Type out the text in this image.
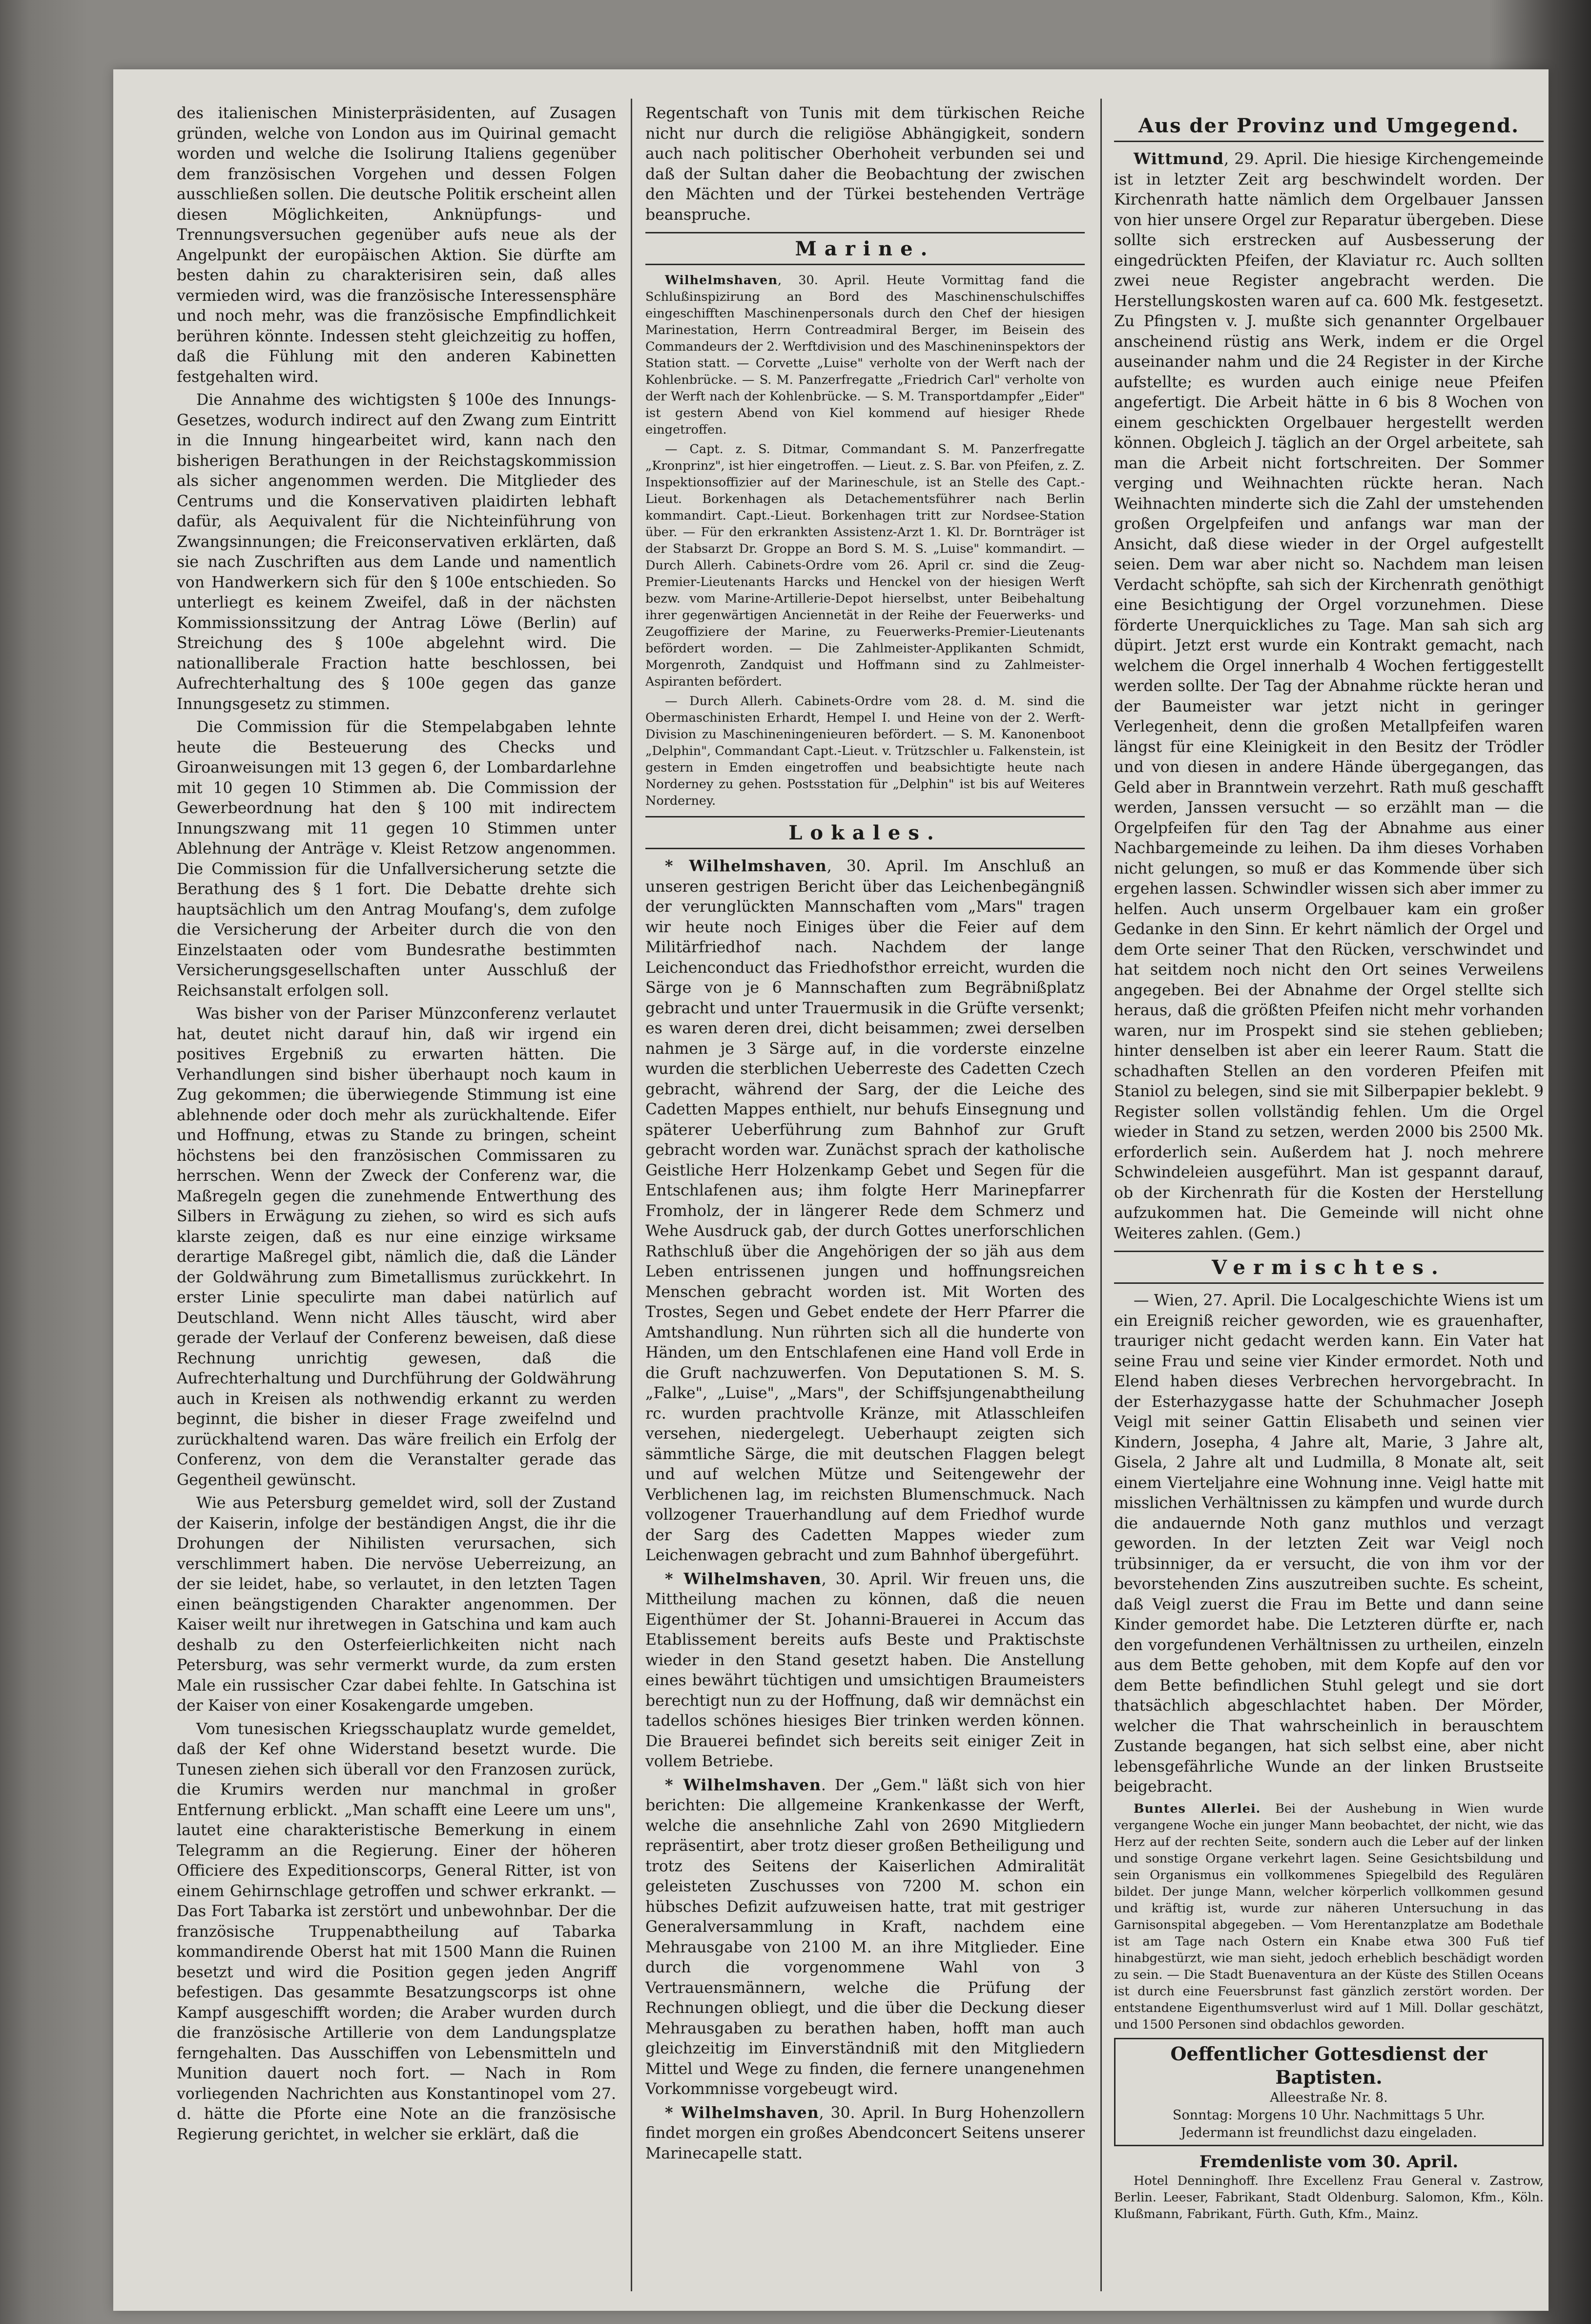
des italienischen Ministerpräsidenten, auf Zusagen gründen, welche von London aus im Quirinal gemacht worden und welche die Isolirung Italiens gegenüber dem französischen Vorgehen und dessen Folgen ausschließen sollen. Die deutsche Politik erscheint allen diesen Möglichkeiten, Anknüpfungs- und Trennungsversuchen gegenüber aufs neue als der Angelpunkt der europäischen Aktion. Sie dürfte am besten dahin zu charakterisiren sein, daß alles vermieden wird, was die französische Interessensphäre und noch mehr, was die französische Empfindlichkeit berühren könnte. Indessen steht gleichzeitig zu hoffen, daß die Fühlung mit den anderen Kabinetten festgehalten wird.

Die Annahme des wichtigsten § 100e des Innungs-Gesetzes, wodurch indirect auf den Zwang zum Eintritt in die Innung hingearbeitet wird, kann nach den bisherigen Berathungen in der Reichstagskommission als sicher angenommen werden. Die Mitglieder des Centrums und die Konservativen plaidirten lebhaft dafür, als Aequivalent für die Nichteinführung von Zwangsinnungen; die Freiconservativen erklärten, daß sie nach Zuschriften aus dem Lande und namentlich von Handwerkern sich für den § 100e entschieden. So unterliegt es keinem Zweifel, daß in der nächsten Kommissionssitzung der Antrag Löwe (Berlin) auf Streichung des § 100e abgelehnt wird. Die nationalliberale Fraction hatte beschlossen, bei Aufrechterhaltung des § 100e gegen das ganze Innungsgesetz zu stimmen.

Die Commission für die Stempelabgaben lehnte heute die Besteuerung des Checks und Giroanweisungen mit 13 gegen 6, der Lombardarlehne mit 10 gegen 10 Stimmen ab. Die Commission der Gewerbeordnung hat den § 100 mit indirectem Innungszwang mit 11 gegen 10 Stimmen unter Ablehnung der Anträge v. Kleist Retzow angenommen. Die Commission für die Unfallversicherung setzte die Berathung des § 1 fort. Die Debatte drehte sich hauptsächlich um den Antrag Moufang's, dem zufolge die Versicherung der Arbeiter durch die von den Einzelstaaten oder vom Bundesrathe bestimmten Versicherungsgesellschaften unter Ausschluß der Reichsanstalt erfolgen soll.

Was bisher von der Pariser Münzconferenz verlautet hat, deutet nicht darauf hin, daß wir irgend ein positives Ergebniß zu erwarten hätten. Die Verhandlungen sind bisher überhaupt noch kaum in Zug gekommen; die überwiegende Stimmung ist eine ablehnende oder doch mehr als zurückhaltende. Eifer und Hoffnung, etwas zu Stande zu bringen, scheint höchstens bei den französischen Commissaren zu herrschen. Wenn der Zweck der Conferenz war, die Maßregeln gegen die zunehmende Entwerthung des Silbers in Erwägung zu ziehen, so wird es sich aufs klarste zeigen, daß es nur eine einzige wirksame derartige Maßregel gibt, nämlich die, daß die Länder der Goldwährung zum Bimetallismus zurückkehrt. In erster Linie speculirte man dabei natürlich auf Deutschland. Wenn nicht Alles täuscht, wird aber gerade der Verlauf der Conferenz beweisen, daß diese Rechnung unrichtig gewesen, daß die Aufrechterhaltung und Durchführung der Goldwährung auch in Kreisen als nothwendig erkannt zu werden beginnt, die bisher in dieser Frage zweifelnd und zurückhaltend waren. Das wäre freilich ein Erfolg der Conferenz, von dem die Veranstalter gerade das Gegentheil gewünscht.

Wie aus Petersburg gemeldet wird, soll der Zustand der Kaiserin, infolge der beständigen Angst, die ihr die Drohungen der Nihilisten verursachen, sich verschlimmert haben. Die nervöse Ueberreizung, an der sie leidet, habe, so verlautet, in den letzten Tagen einen beängstigenden Charakter angenommen. Der Kaiser weilt nur ihretwegen in Gatschina und kam auch deshalb zu den Osterfeierlichkeiten nicht nach Petersburg, was sehr vermerkt wurde, da zum ersten Male ein russischer Czar dabei fehlte. In Gatschina ist der Kaiser von einer Kosakengarde umgeben.

Vom tunesischen Kriegsschauplatz wurde gemeldet, daß der Kef ohne Widerstand besetzt wurde. Die Tunesen ziehen sich überall vor den Franzosen zurück, die Krumirs werden nur manchmal in großer Entfernung erblickt. „Man schafft eine Leere um uns", lautet eine charakteristische Bemerkung in einem Telegramm an die Regierung. Einer der höheren Officiere des Expeditionscorps, General Ritter, ist von einem Gehirnschlage getroffen und schwer erkrankt. — Das Fort Tabarka ist zerstört und unbewohnbar. Der die französische Truppenabtheilung auf Tabarka kommandirende Oberst hat mit 1500 Mann die Ruinen besetzt und wird die Position gegen jeden Angriff befestigen. Das gesammte Besatzungscorps ist ohne Kampf ausgeschifft worden; die Araber wurden durch die französische Artillerie von dem Landungsplatze ferngehalten. Das Ausschiffen von Lebensmitteln und Munition dauert noch fort. — Nach in Rom vorliegenden Nachrichten aus Konstantinopel vom 27. d. hätte die Pforte eine Note an die französische Regierung gerichtet, in welcher sie erklärt, daß die

Regentschaft von Tunis mit dem türkischen Reiche nicht nur durch die religiöse Abhängigkeit, sondern auch nach politischer Oberhoheit verbunden sei und daß der Sultan daher die Beobachtung der zwischen den Mächten und der Türkei bestehenden Verträge beanspruche.

Marine.

Wilhelmshaven, 30. April. Heute Vormittag fand die Schlußinspizirung an Bord des Maschinenschulschiffes eingeschifften Maschinenpersonals durch den Chef der hiesigen Marinestation, Herrn Contreadmiral Berger, im Beisein des Commandeurs der 2. Werftdivision und des Maschineninspektors der Station statt. — Corvette „Luise" verholte von der Werft nach der Kohlenbrücke. — S. M. Panzerfregatte „Friedrich Carl" verholte von der Werft nach der Kohlenbrücke. — S. M. Transportdampfer „Eider" ist gestern Abend von Kiel kommend auf hiesiger Rhede eingetroffen.

— Capt. z. S. Ditmar, Commandant S. M. Panzerfregatte „Kronprinz", ist hier eingetroffen. — Lieut. z. S. Bar. von Pfeifen, z. Z. Inspektionsoffizier auf der Marineschule, ist an Stelle des Capt.-Lieut. Borkenhagen als Detachementsführer nach Berlin kommandirt. Capt.-Lieut. Borkenhagen tritt zur Nordsee-Station über. — Für den erkrankten Assistenz-Arzt 1. Kl. Dr. Bornträger ist der Stabsarzt Dr. Groppe an Bord S. M. S. „Luise" kommandirt. — Durch Allerh. Cabinets-Ordre vom 26. April cr. sind die Zeug-Premier-Lieutenants Harcks und Henckel von der hiesigen Werft bezw. vom Marine-Artillerie-Depot hierselbst, unter Beibehaltung ihrer gegenwärtigen Anciennetät in der Reihe der Feuerwerks- und Zeugoffiziere der Marine, zu Feuerwerks-Premier-Lieutenants befördert worden. — Die Zahlmeister-Applikanten Schmidt, Morgenroth, Zandquist und Hoffmann sind zu Zahlmeister-Aspiranten befördert.

— Durch Allerh. Cabinets-Ordre vom 28. d. M. sind die Obermaschinisten Erhardt, Hempel I. und Heine von der 2. Werft-Division zu Maschineningenieuren befördert. — S. M. Kanonenboot „Delphin", Commandant Capt.-Lieut. v. Trützschler u. Falkenstein, ist gestern in Emden eingetroffen und beabsichtigte heute nach Norderney zu gehen. Postsstation für „Delphin" ist bis auf Weiteres Norderney.

Lokales.

* Wilhelmshaven, 30. April. Im Anschluß an unseren gestrigen Bericht über das Leichenbegängniß der verunglückten Mannschaften vom „Mars" tragen wir heute noch Einiges über die Feier auf dem Militärfriedhof nach. Nachdem der lange Leichenconduct das Friedhofsthor erreicht, wurden die Särge von je 6 Mannschaften zum Begräbnißplatz gebracht und unter Trauermusik in die Grüfte versenkt; es waren deren drei, dicht beisammen; zwei derselben nahmen je 3 Särge auf, in die vorderste einzelne wurden die sterblichen Ueberreste des Cadetten Czech gebracht, während der Sarg, der die Leiche des Cadetten Mappes enthielt, nur behufs Einsegnung und späterer Ueberführung zum Bahnhof zur Gruft gebracht worden war. Zunächst sprach der katholische Geistliche Herr Holzenkamp Gebet und Segen für die Entschlafenen aus; ihm folgte Herr Marinepfarrer Fromholz, der in längerer Rede dem Schmerz und Wehe Ausdruck gab, der durch Gottes unerforschlichen Rathschluß über die Angehörigen der so jäh aus dem Leben entrissenen jungen und hoffnungsreichen Menschen gebracht worden ist. Mit Worten des Trostes, Segen und Gebet endete der Herr Pfarrer die Amtshandlung. Nun rührten sich all die hunderte von Händen, um den Entschlafenen eine Hand voll Erde in die Gruft nachzuwerfen. Von Deputationen S. M. S. „Falke", „Luise", „Mars", der Schiffsjungenabtheilung rc. wurden prachtvolle Kränze, mit Atlasschleifen versehen, niedergelegt. Ueberhaupt zeigten sich sämmtliche Särge, die mit deutschen Flaggen belegt und auf welchen Mütze und Seitengewehr der Verblichenen lag, im reichsten Blumenschmuck. Nach vollzogener Trauerhandlung auf dem Friedhof wurde der Sarg des Cadetten Mappes wieder zum Leichenwagen gebracht und zum Bahnhof übergeführt.

* Wilhelmshaven, 30. April. Wir freuen uns, die Mittheilung machen zu können, daß die neuen Eigenthümer der St. Johanni-Brauerei in Accum das Etablissement bereits aufs Beste und Praktischste wieder in den Stand gesetzt haben. Die Anstellung eines bewährt tüchtigen und umsichtigen Braumeisters berechtigt nun zu der Hoffnung, daß wir demnächst ein tadellos schönes hiesiges Bier trinken werden können. Die Brauerei befindet sich bereits seit einiger Zeit in vollem Betriebe.

* Wilhelmshaven. Der „Gem." läßt sich von hier berichten: Die allgemeine Krankenkasse der Werft, welche die ansehnliche Zahl von 2690 Mitgliedern repräsentirt, aber trotz dieser großen Betheiligung und trotz des Seitens der Kaiserlichen Admiralität geleisteten Zuschusses von 7200 M. schon ein hübsches Defizit aufzuweisen hatte, trat mit gestriger Generalversammlung in Kraft, nachdem eine Mehrausgabe von 2100 M. an ihre Mitglieder. Eine durch die vorgenommene Wahl von 3 Vertrauensmännern, welche die Prüfung der Rechnungen obliegt, und die über die Deckung dieser Mehrausgaben zu berathen haben, hofft man auch gleichzeitig im Einverständniß mit den Mitgliedern Mittel und Wege zu finden, die fernere unangenehmen Vorkommnisse vorgebeugt wird.

* Wilhelmshaven, 30. April. In Burg Hohenzollern findet morgen ein großes Abendconcert Seitens unserer Marinecapelle statt.

Aus der Provinz und Umgegend.

Wittmund, 29. April. Die hiesige Kirchengemeinde ist in letzter Zeit arg beschwindelt worden. Der Kirchenrath hatte nämlich dem Orgelbauer Janssen von hier unsere Orgel zur Reparatur übergeben. Diese sollte sich erstrecken auf Ausbesserung der eingedrückten Pfeifen, der Klaviatur rc. Auch sollten zwei neue Register angebracht werden. Die Herstellungskosten waren auf ca. 600 Mk. festgesetzt. Zu Pfingsten v. J. mußte sich genannter Orgelbauer anscheinend rüstig ans Werk, indem er die Orgel auseinander nahm und die 24 Register in der Kirche aufstellte; es wurden auch einige neue Pfeifen angefertigt. Die Arbeit hätte in 6 bis 8 Wochen von einem geschickten Orgelbauer hergestellt werden können. Obgleich J. täglich an der Orgel arbeitete, sah man die Arbeit nicht fortschreiten. Der Sommer verging und Weihnachten rückte heran. Nach Weihnachten minderte sich die Zahl der umstehenden großen Orgelpfeifen und anfangs war man der Ansicht, daß diese wieder in der Orgel aufgestellt seien. Dem war aber nicht so. Nachdem man leisen Verdacht schöpfte, sah sich der Kirchenrath genöthigt eine Besichtigung der Orgel vorzunehmen. Diese förderte Unerquickliches zu Tage. Man sah sich arg düpirt. Jetzt erst wurde ein Kontrakt gemacht, nach welchem die Orgel innerhalb 4 Wochen fertiggestellt werden sollte. Der Tag der Abnahme rückte heran und der Baumeister war jetzt nicht in geringer Verlegenheit, denn die großen Metallpfeifen waren längst für eine Kleinigkeit in den Besitz der Trödler und von diesen in andere Hände übergegangen, das Geld aber in Branntwein verzehrt. Rath muß geschafft werden, Janssen versucht — so erzählt man — die Orgelpfeifen für den Tag der Abnahme aus einer Nachbargemeinde zu leihen. Da ihm dieses Vorhaben nicht gelungen, so muß er das Kommende über sich ergehen lassen. Schwindler wissen sich aber immer zu helfen. Auch unserm Orgelbauer kam ein großer Gedanke in den Sinn. Er kehrt nämlich der Orgel und dem Orte seiner That den Rücken, verschwindet und hat seitdem noch nicht den Ort seines Verweilens angegeben. Bei der Abnahme der Orgel stellte sich heraus, daß die größten Pfeifen nicht mehr vorhanden waren, nur im Prospekt sind sie stehen geblieben; hinter denselben ist aber ein leerer Raum. Statt die schadhaften Stellen an den vorderen Pfeifen mit Staniol zu belegen, sind sie mit Silberpapier beklebt. 9 Register sollen vollständig fehlen. Um die Orgel wieder in Stand zu setzen, werden 2000 bis 2500 Mk. erforderlich sein. Außerdem hat J. noch mehrere Schwindeleien ausgeführt. Man ist gespannt darauf, ob der Kirchenrath für die Kosten der Herstellung aufzukommen hat. Die Gemeinde will nicht ohne Weiteres zahlen. (Gem.)

Vermischtes.

— Wien, 27. April. Die Localgeschichte Wiens ist um ein Ereigniß reicher geworden, wie es grauenhafter, trauriger nicht gedacht werden kann. Ein Vater hat seine Frau und seine vier Kinder ermordet. Noth und Elend haben dieses Verbrechen hervorgebracht. In der Esterhazygasse hatte der Schuhmacher Joseph Veigl mit seiner Gattin Elisabeth und seinen vier Kindern, Josepha, 4 Jahre alt, Marie, 3 Jahre alt, Gisela, 2 Jahre alt und Ludmilla, 8 Monate alt, seit einem Vierteljahre eine Wohnung inne. Veigl hatte mit misslichen Verhältnissen zu kämpfen und wurde durch die andauernde Noth ganz muthlos und verzagt geworden. In der letzten Zeit war Veigl noch trübsinniger, da er versucht, die von ihm vor der bevorstehenden Zins auszutreiben suchte. Es scheint, daß Veigl zuerst die Frau im Bette und dann seine Kinder gemordet habe. Die Letzteren dürfte er, nach den vorgefundenen Verhältnissen zu urtheilen, einzeln aus dem Bette gehoben, mit dem Kopfe auf den vor dem Bette befindlichen Stuhl gelegt und sie dort thatsächlich abgeschlachtet haben. Der Mörder, welcher die That wahrscheinlich in berauschtem Zustande begangen, hat sich selbst eine, aber nicht lebensgefährliche Wunde an der linken Brustseite beigebracht.

Buntes Allerlei. Bei der Aushebung in Wien wurde vergangene Woche ein junger Mann beobachtet, der nicht, wie das Herz auf der rechten Seite, sondern auch die Leber auf der linken und sonstige Organe verkehrt lagen. Seine Gesichtsbildung und sein Organismus ein vollkommenes Spiegelbild des Regulären bildet. Der junge Mann, welcher körperlich vollkommen gesund und kräftig ist, wurde zur näheren Untersuchung in das Garnisonspital abgegeben. — Vom Herentanzplatze am Bodethale ist am Tage nach Ostern ein Knabe etwa 300 Fuß tief hinabgestürzt, wie man sieht, jedoch erheblich beschädigt worden zu sein. — Die Stadt Buenaventura an der Küste des Stillen Oceans ist durch eine Feuersbrunst fast gänzlich zerstört worden. Der entstandene Eigenthumsverlust wird auf 1 Mill. Dollar geschätzt, und 1500 Personen sind obdachlos geworden.

Oeffentlicher Gottesdienst der Baptisten.
Alleestraße Nr. 8.
Sonntag: Morgens 10 Uhr. Nachmittags 5 Uhr.
Jedermann ist freundlichst dazu eingeladen.
Fremdenliste vom 30. April.

Hotel Denninghoff. Ihre Excellenz Frau General v. Zastrow, Berlin. Leeser, Fabrikant, Stadt Oldenburg. Salomon, Kfm., Köln. Klußmann, Fabrikant, Fürth. Guth, Kfm., Mainz.
